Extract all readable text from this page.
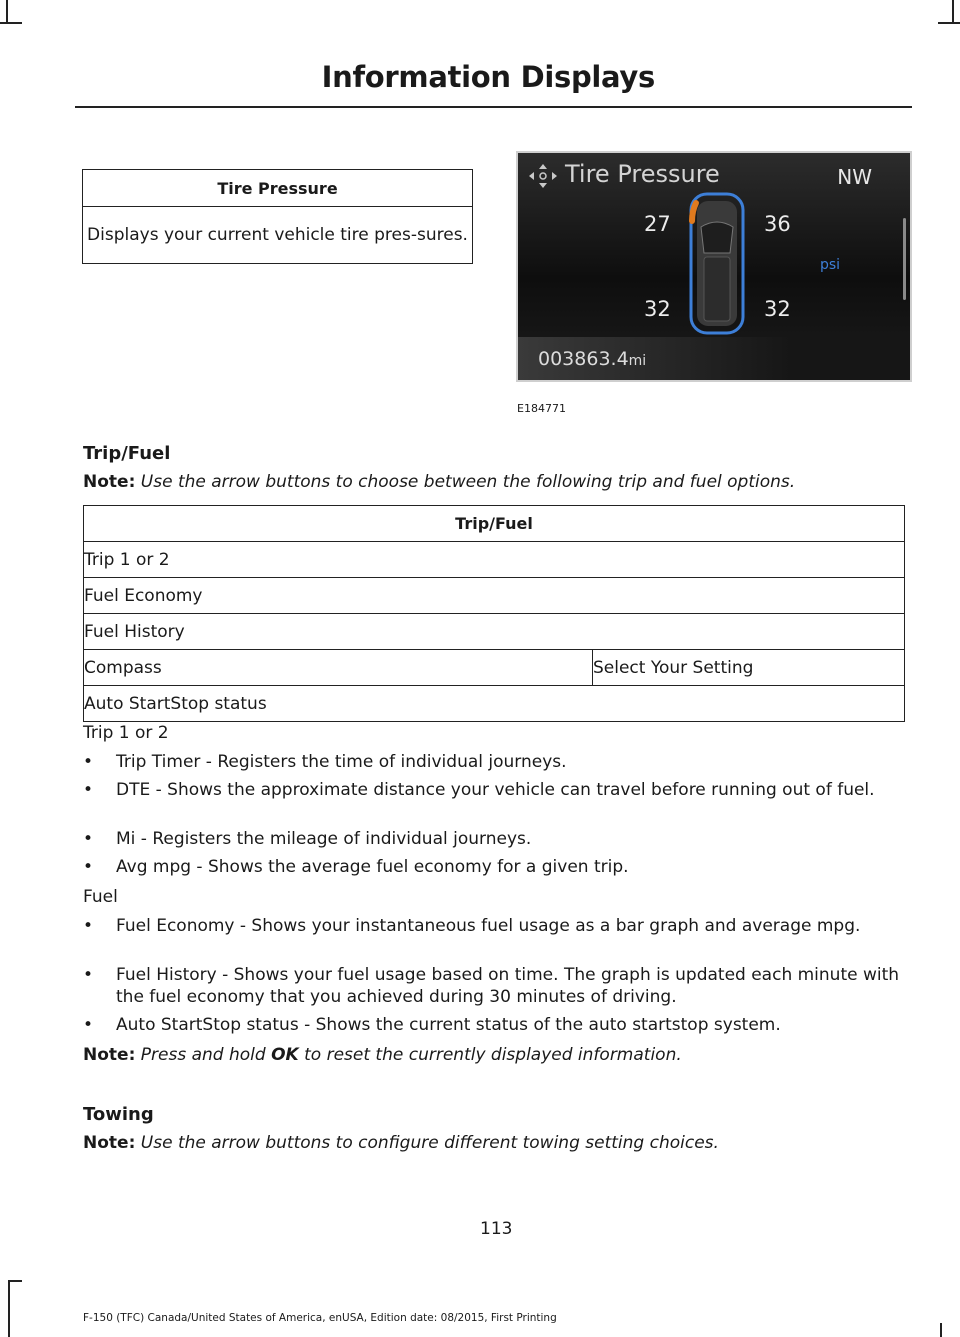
Information Displays
Tire Pressure
Displays your current vehicle tire pres-sures.
Tire Pressure	NW
27	36
32	32
psi
003863.4mi
E184771
Trip/Fuel
Note: Use the arrow buttons to choose between the following trip and fuel options.
Trip/Fuel
Trip 1 or 2
Fuel Economy
Fuel History
Compass	Select Your Setting
Auto StartStop status
Trip 1 or 2
• Trip Timer - Registers the time of individual journeys.
• DTE - Shows the approximate distance your vehicle can travel before running out of fuel.
• Mi - Registers the mileage of individual journeys.
• Avg mpg - Shows the average fuel economy for a given trip.
Fuel
• Fuel Economy - Shows your instantaneous fuel usage as a bar graph and average mpg.
• Fuel History - Shows your fuel usage based on time. The graph is updated each minute with the fuel economy that you achieved during 30 minutes of driving.
• Auto StartStop status - Shows the current status of the auto startstop system.
Note: Press and hold OK to reset the currently displayed information.
Towing
Note: Use the arrow buttons to configure different towing setting choices.
113
F-150 (TFC) Canada/United States of America, enUSA, Edition date: 08/2015, First Printing
